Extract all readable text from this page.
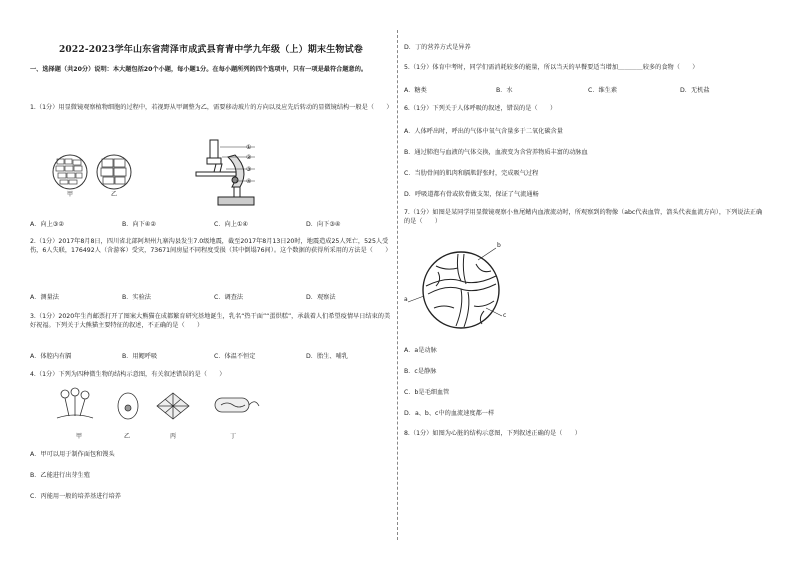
2022-2023学年山东省菏泽市成武县育青中学九年级（上）期末生物试卷
一、选择题（共20分）说明：本大题包括20个小题，每小题1分。在每小题所列的四个选项中，只有一项是最符合题意的。
1.（1分）用显微镜观察植物细胞的过程中，若视野从甲调整为乙，需要移动玻片的方向以及应先后转动的显微镜结构一般是（　　）
①
②
③
④
甲	乙
A．向上③②	B．向下④②	C．向上①④	D．向下③④
2.（1分）2017年8月8日，四川省北部阿坝州九寨沟县发生7.0级地震，截至2017年8月13日20时，地震造成25人死亡，525人受伤，6人失联，176492人（含游客）受灾，73671间房屋不同程度受损（其中倒塌76间）。这个数据的获得所采用的方法是（　　）
A．测量法	B．实验法	C．调查法	D．观察法
3.（1分）2020年生肖邮票打开了图案大熊猫在成都繁育研究基地诞生，乳名“热干面”“蛋烘糕”，承载着人们希望疫情早日结束的美好祝福。下列关于大熊猫主要特征的叙述，不正确的是（　　）
A．体腔内有膈	B．用鳃呼吸	C．体温不恒定	D．胎生、哺乳
4.（1分）下列为四种微生物的结构示意图，有关叙述错误的是（　　）
甲	乙	丙	丁
A．甲可以用于制作面包和馒头
B．乙能进行出芽生殖
C．丙能用一般的培养基进行培养
D．丁的营养方式是异养
5.（1分）体育中考时，同学们需消耗较多的能量，所以当天的早餐要适当增加＿＿＿＿较多的食物（　　）
A．糖类	B．水	C．维生素	D．无机盐
6.（1分）下列关于人体呼吸的叙述，错误的是（　　）
A．人体呼出时，呼出的气体中氧气含量多于二氧化碳含量
B．通过肺泡与血液的气体交换，血液变为含营养物质丰富的动脉血
C．当肋骨间的肌肉和膈肌舒张时，完成吸气过程
D．呼吸道都有骨或软骨做支架，保证了气流通畅
7.（1分）如图是某同学用显微镜观察小鱼尾鳍内血液流动时，所观察到的物像（abc代表血管，箭头代表血流方向），下列说法正确的是（　　）
a
b
c
A．a是动脉
B．c是静脉
C．b是毛细血管
D．a、b、c中的血流速度都一样
8.（1分）如图为心脏的结构示意图，下列叙述正确的是（　　）
